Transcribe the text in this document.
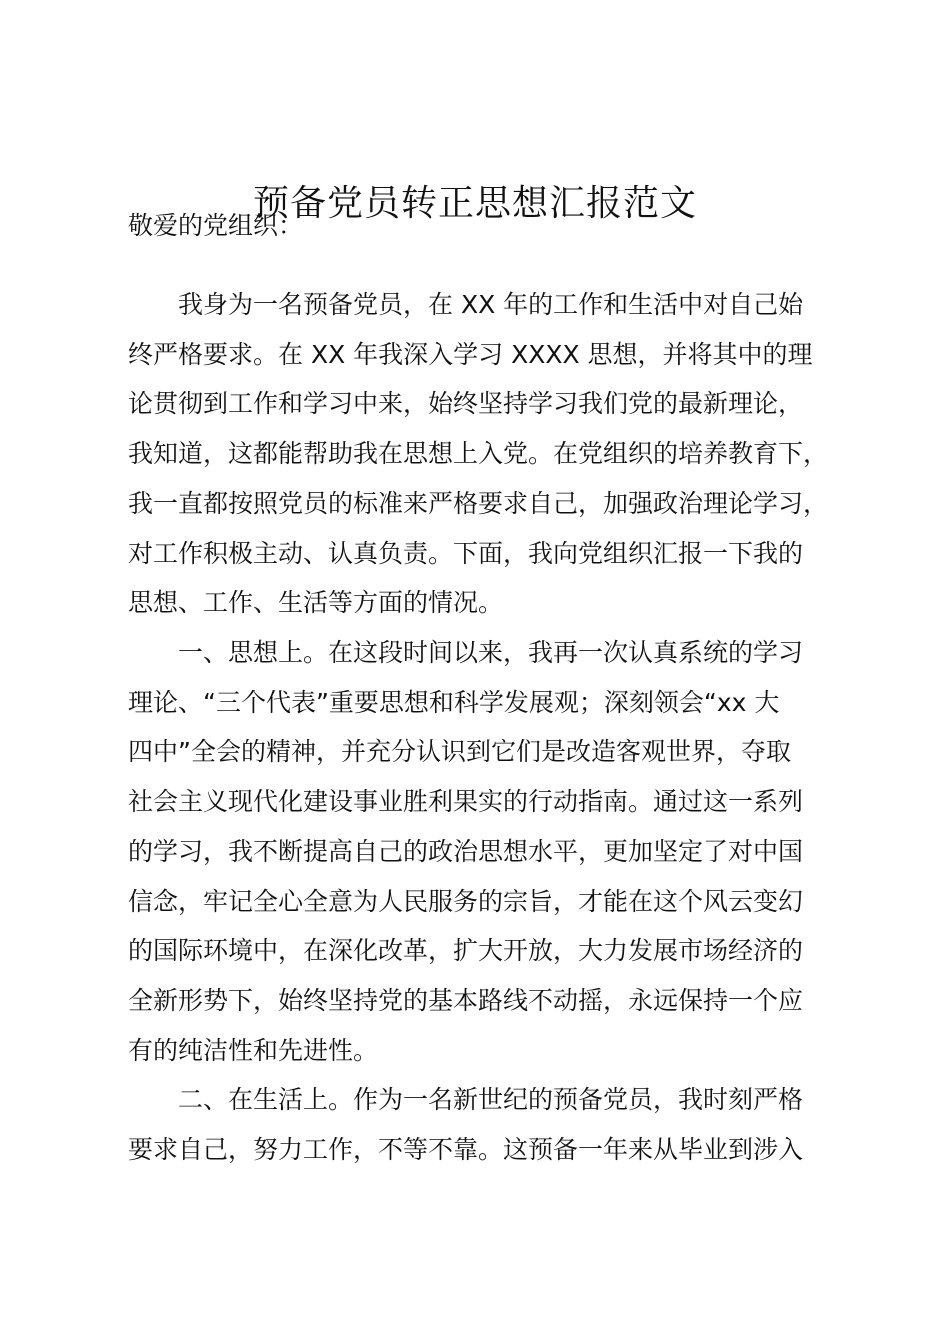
预备党员转正思想汇报范文

敬爱的党组织：

　　我身为一名预备党员，在 XX 年的工作和生活中对自己始

终严格要求。在 XX 年我深入学习 XXXX 思想，并将其中的理

论贯彻到工作和学习中来，始终坚持学习我们党的最新理论，

我知道，这都能帮助我在思想上入党。在党组织的培养教育下，

我一直都按照党员的标准来严格要求自己，加强政治理论学习，

对工作积极主动、认真负责。下面，我向党组织汇报一下我的

思想、工作、生活等方面的情况。

　　一、思想上。在这段时间以来，我再一次认真系统的学习

理论、“三个代表”重要思想和科学发展观；深刻领会“xx 大

四中”全会的精神，并充分认识到它们是改造客观世界，夺取

社会主义现代化建设事业胜利果实的行动指南。通过这一系列

的学习，我不断提高自己的政治思想水平，更加坚定了对中国

信念，牢记全心全意为人民服务的宗旨，才能在这个风云变幻

的国际环境中，在深化改革，扩大开放，大力发展市场经济的

全新形势下，始终坚持党的基本路线不动摇，永远保持一个应

有的纯洁性和先进性。

　　二、在生活上。作为一名新世纪的预备党员，我时刻严格

要求自己，努力工作，不等不靠。这预备一年来从毕业到涉入
